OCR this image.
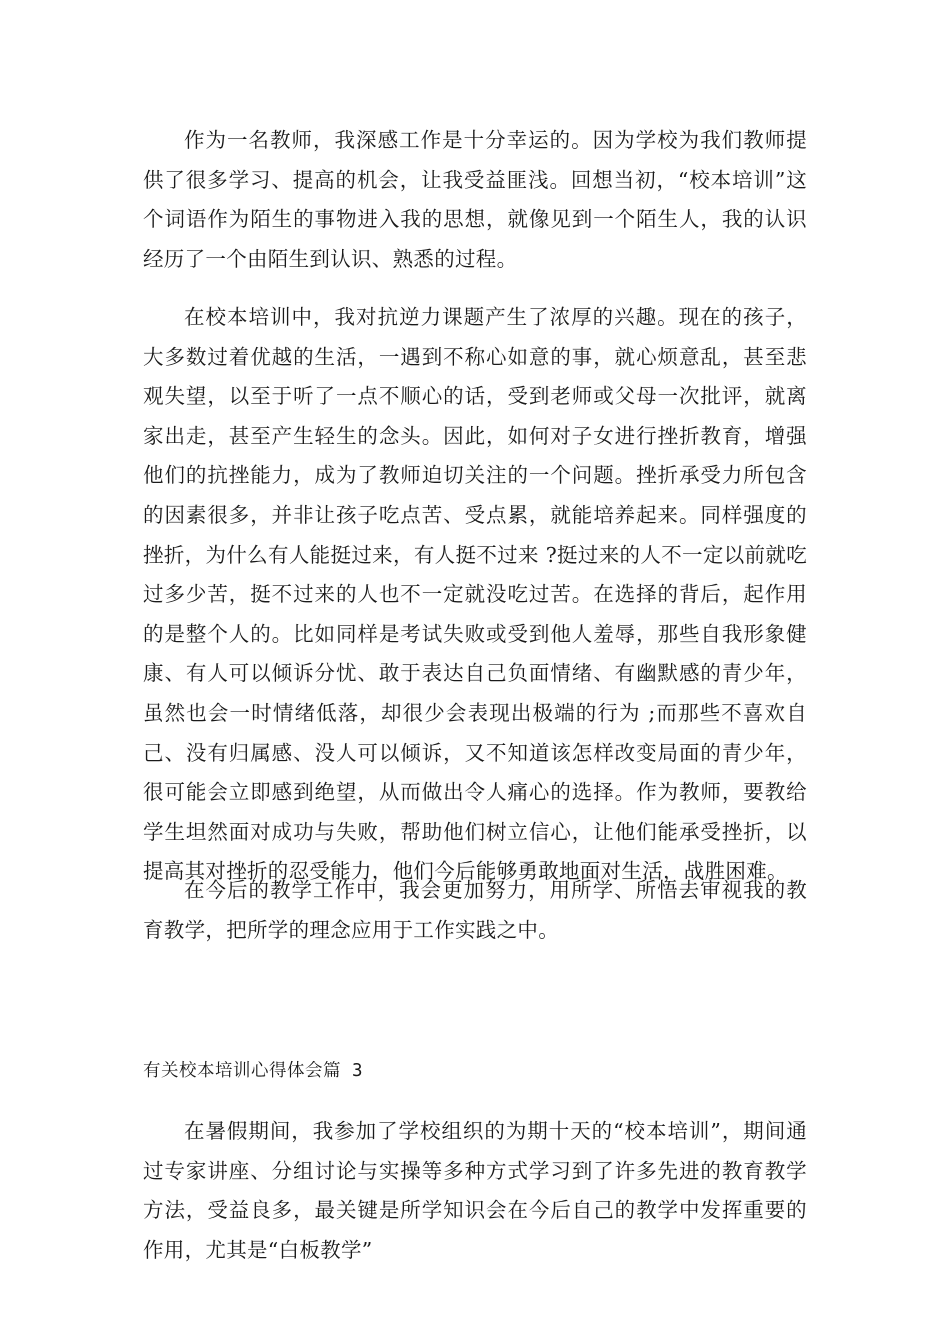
作为一名教师，我深感工作是十分幸运的。因为学校为我们教师提供了很多学习、提高的机会，让我受益匪浅。回想当初，“校本培训”这个词语作为陌生的事物进入我的思想，就像见到一个陌生人，我的认识经历了一个由陌生到认识、熟悉的过程。

在校本培训中，我对抗逆力课题产生了浓厚的兴趣。现在的孩子，大多数过着优越的生活，一遇到不称心如意的事，就心烦意乱，甚至悲观失望，以至于听了一点不顺心的话，受到老师或父母一次批评，就离家出走，甚至产生轻生的念头。因此，如何对子女进行挫折教育，增强他们的抗挫能力，成为了教师迫切关注的一个问题。挫折承受力所包含的因素很多，并非让孩子吃点苦、受点累，就能培养起来。同样强度的挫折，为什么有人能挺过来，有人挺不过来 ?挺过来的人不一定以前就吃过多少苦，挺不过来的人也不一定就没吃过苦。在选择的背后，起作用的是整个人的。比如同样是考试失败或受到他人羞辱，那些自我形象健康、有人可以倾诉分忧、敢于表达自己负面情绪、有幽默感的青少年，虽然也会一时情绪低落，却很少会表现出极端的行为 ;而那些不喜欢自己、没有归属感、没人可以倾诉，又不知道该怎样改变局面的青少年，很可能会立即感到绝望，从而做出令人痛心的选择。作为教师，要教给学生坦然面对成功与失败，帮助他们树立信心，让他们能承受挫折，以提高其对挫折的忍受能力，他们今后能够勇敢地面对生活，战胜困难。

在今后的教学工作中，我会更加努力，用所学、所悟去审视我的教育教学，把所学的理念应用于工作实践之中。

有关校本培训心得体会篇 3

在暑假期间，我参加了学校组织的为期十天的“校本培训”，期间通过专家讲座、分组讨论与实操等多种方式学习到了许多先进的教育教学方法，受益良多，最关键是所学知识会在今后自己的教学中发挥重要的作用，尤其是“白板教学”
